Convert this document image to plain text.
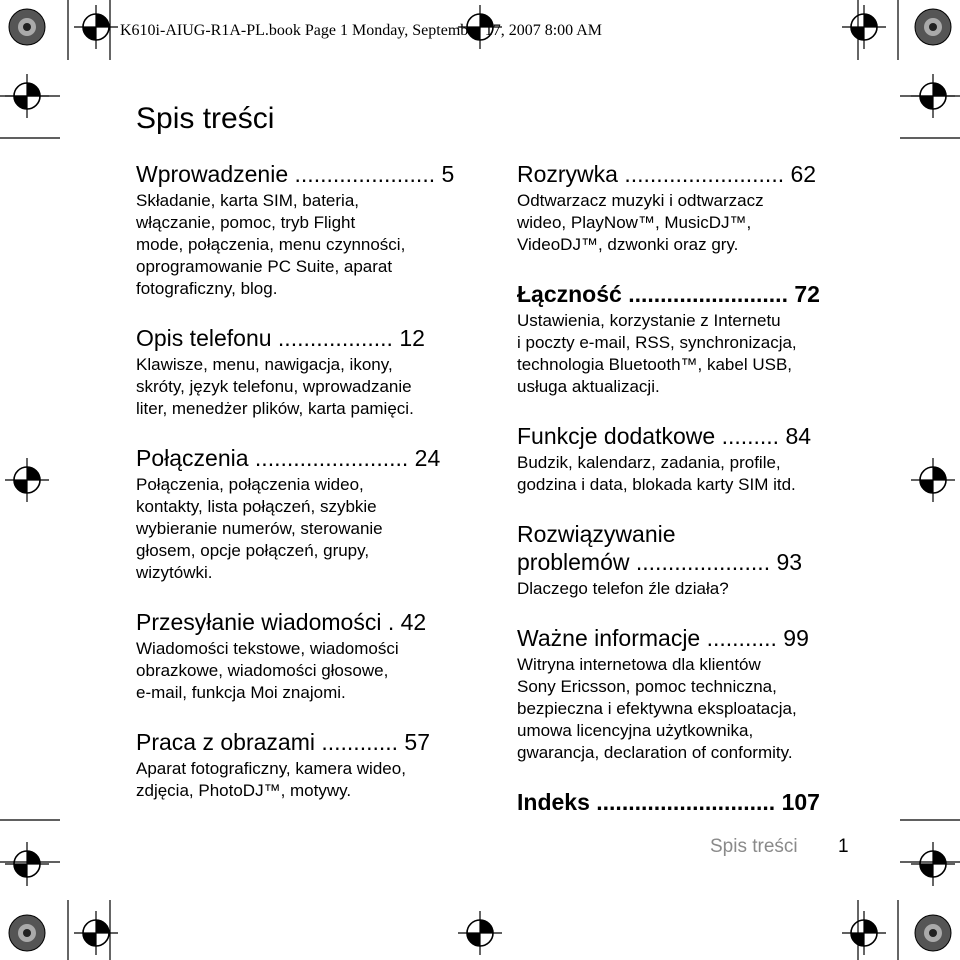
K610i-AIUG-R1A-PL.book Page 1 Monday, September 17, 2007 8:00 AM
Spis treści
Wprowadzenie ...................... 5
Składanie, karta SIM, bateria,
włączanie, pomoc, tryb Flight
mode, połączenia, menu czynności,
oprogramowanie PC Suite, aparat
fotograficzny, blog.
Opis telefonu .................. 12
Klawisze, menu, nawigacja, ikony,
skróty, język telefonu, wprowadzanie
liter, menedżer plików, karta pamięci.
Połączenia ........................ 24
Połączenia, połączenia wideo,
kontakty, lista połączeń, szybkie
wybieranie numerów, sterowanie
głosem, opcje połączeń, grupy,
wizytówki.
Przesyłanie wiadomości . 42
Wiadomości tekstowe, wiadomości
obrazkowe, wiadomości głosowe,
e-mail, funkcja Moi znajomi.
Praca z obrazami ............ 57
Aparat fotograficzny, kamera wideo,
zdjęcia, PhotoDJ™, motywy.
Rozrywka ......................... 62
Odtwarzacz muzyki i odtwarzacz
wideo, PlayNow™, MusicDJ™,
VideoDJ™, dzwonki oraz gry.
Łączność ......................... 72
Ustawienia, korzystanie z Internetu
i poczty e-mail, RSS, synchronizacja,
technologia Bluetooth™, kabel USB,
usługa aktualizacji.
Funkcje dodatkowe ......... 84
Budzik, kalendarz, zadania, profile,
godzina i data, blokada karty SIM itd.
Rozwiązywanie
problemów ..................... 93
Dlaczego telefon źle działa?
Ważne informacje ........... 99
Witryna internetowa dla klientów
Sony Ericsson, pomoc techniczna,
bezpieczna i efektywna eksploatacja,
umowa licencyjna użytkownika,
gwarancja, declaration of conformity.
Indeks ............................ 107
Spis treści 1
